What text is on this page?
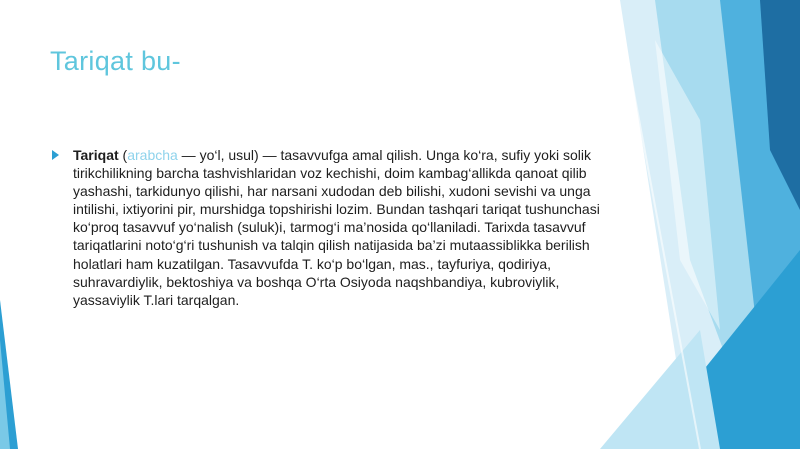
Tariqat bu-
Tariqat (arabcha — yo‘l, usul) — tasavvufga amal qilish. Unga ko‘ra, sufiy yoki solik tirikchilikning barcha tashvishlaridan voz kechishi, doim kambag‘allikda qanoat qilib yashashi, tarkidunyo qilishi, har narsani xudodan deb bilishi, xudoni sevishi va unga intilishi, ixtiyorini pir, murshidga topshirishi lozim. Bundan tashqari tariqat tushunchasi ko‘proq tasavvuf yo‘nalish (suluk)i, tarmog‘i ma’nosida qo‘llaniladi. Tarixda tasavvuf tariqatlarini noto‘g‘ri tushunish va talqin qilish natijasida ba’zi mutaassiblikka berilish holatlari ham kuzatilgan. Tasavvufda T. ko‘p bo‘lgan, mas., tayfuriya, qodiriya, suhravardiylik, bektoshiya va boshqa O‘rta Osiyoda naqshbandiya, kubroviylik, yassaviylik T.lari tarqalgan.
